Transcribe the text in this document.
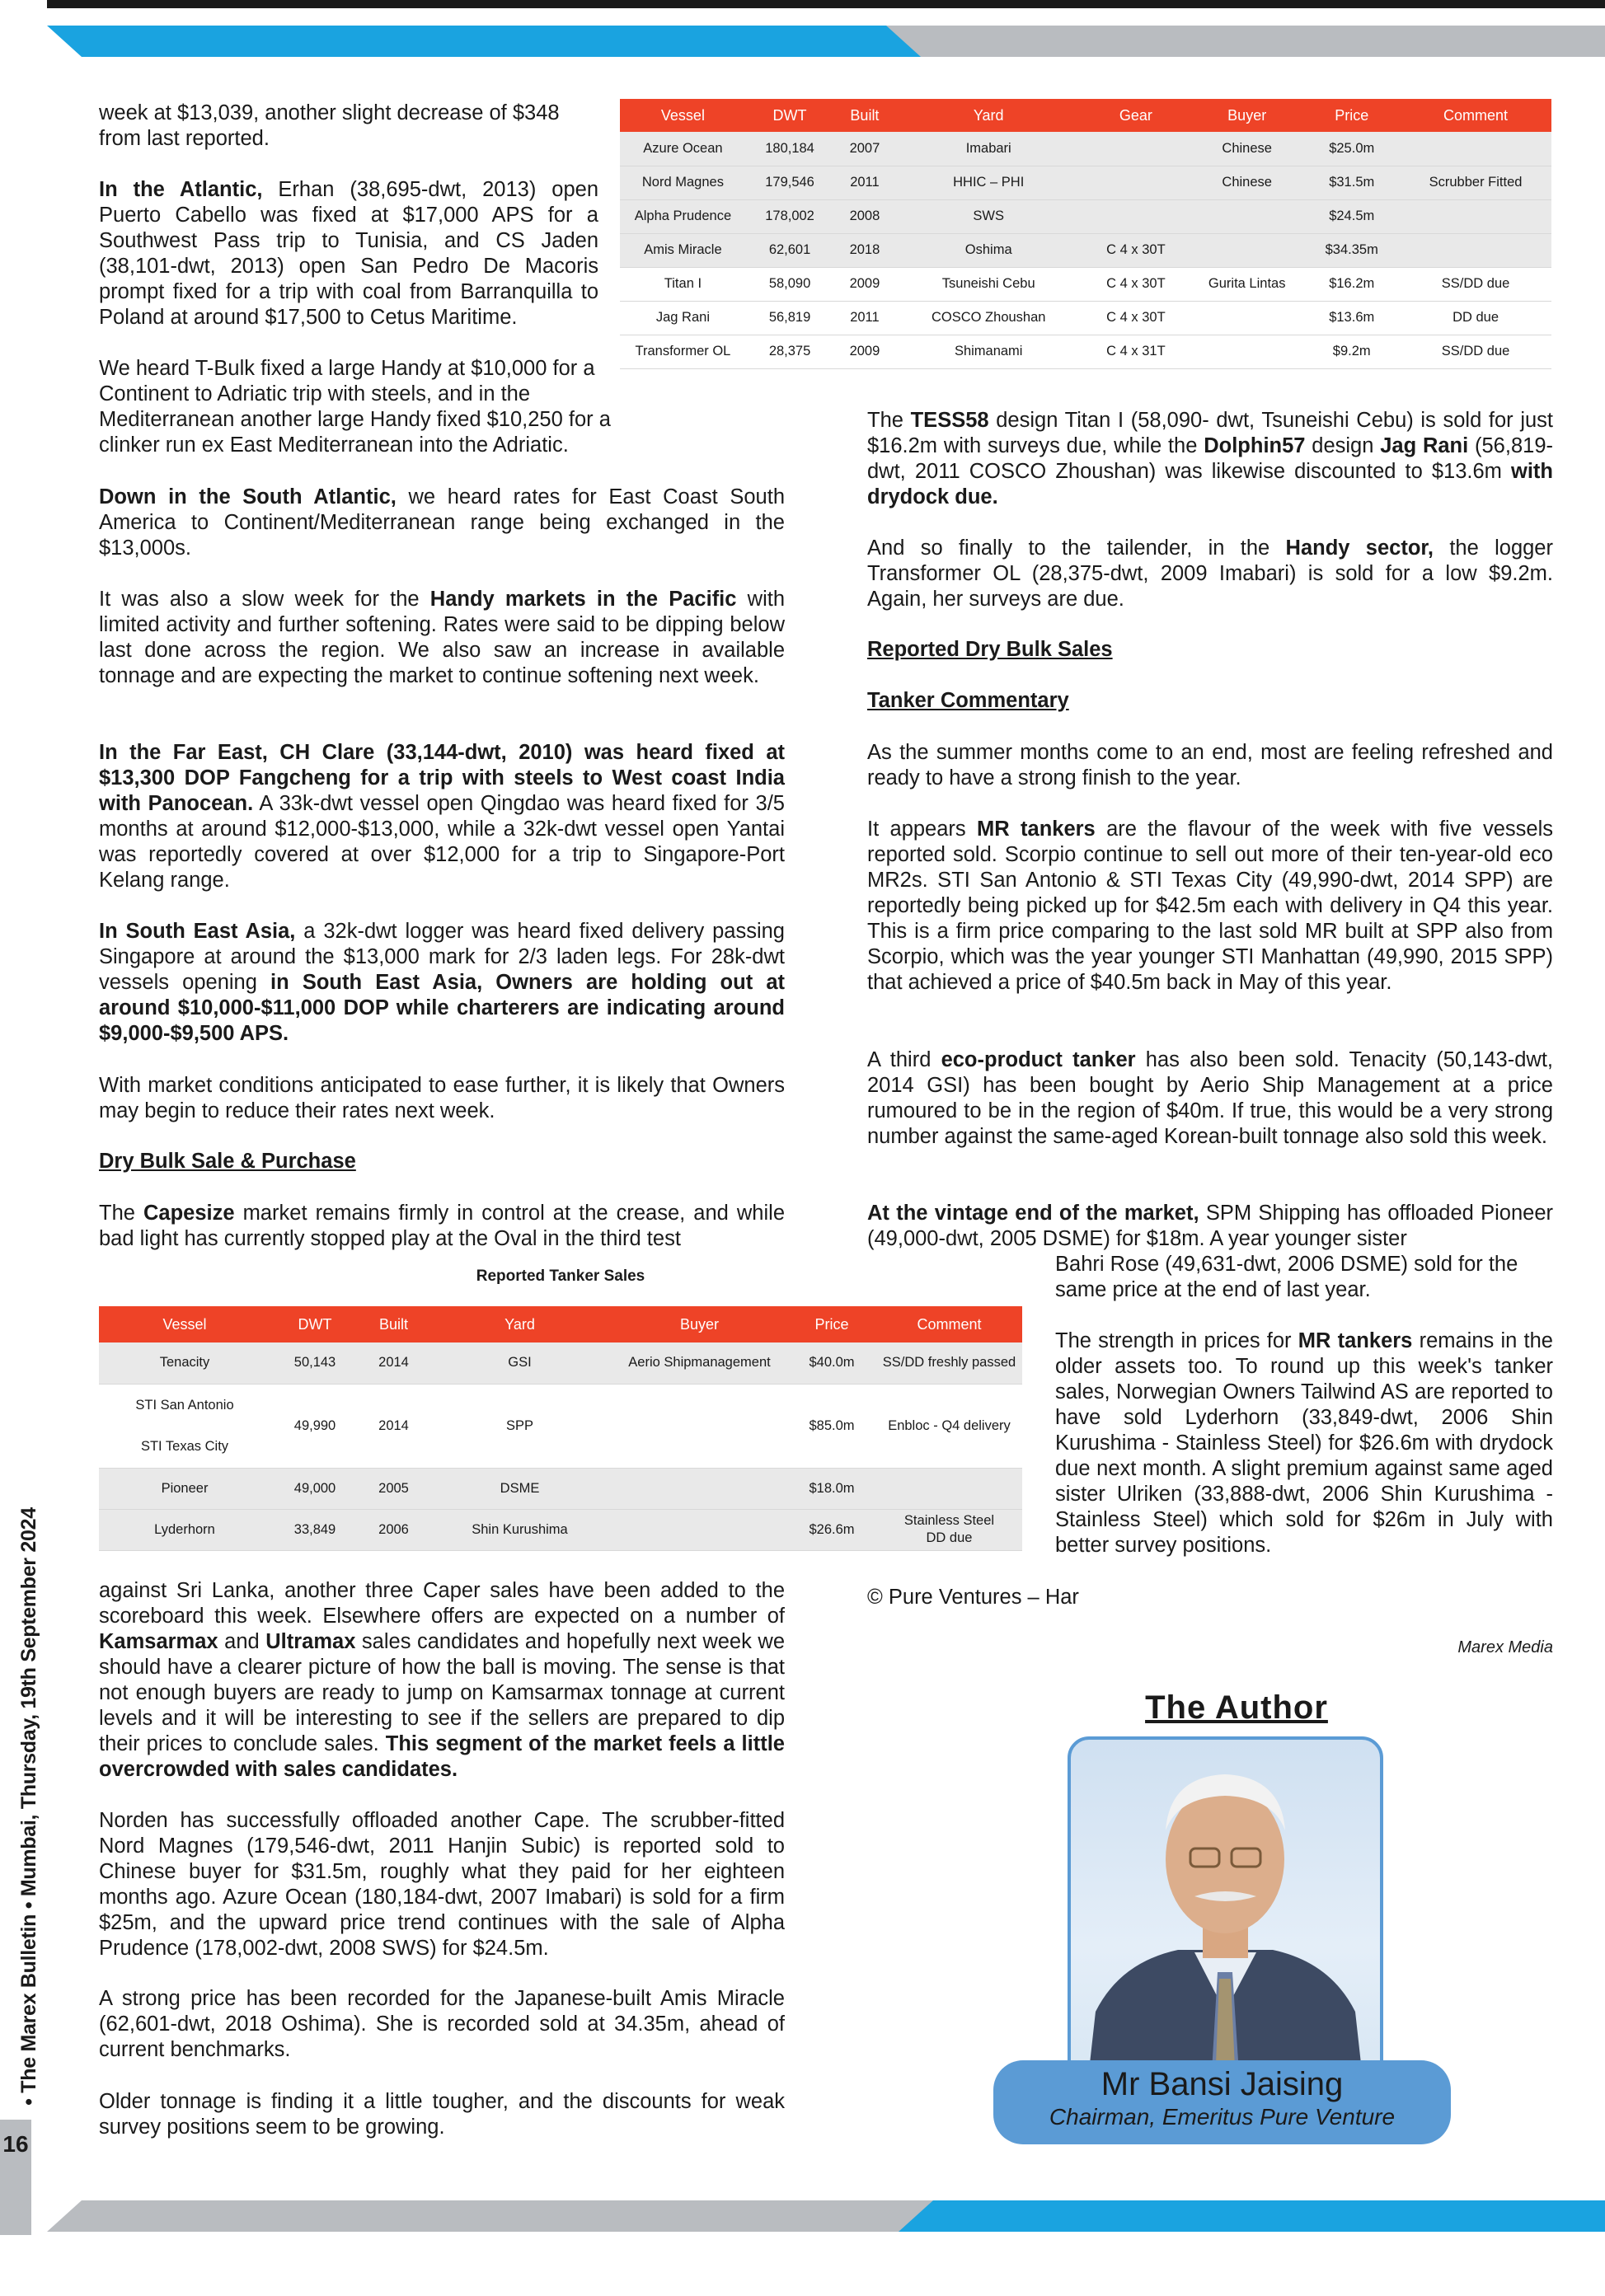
• The Marex Bulletin • Mumbai, Thursday, 19th September 2024
16
Vessel	DWT	Built	Yard	Gear	Buyer	Price	Comment
Azure Ocean	180,184	2007	Imabari		Chinese	$25.0m	
Nord Magnes	179,546	2011	HHIC – PHI		Chinese	$31.5m	Scrubber Fitted
Alpha Prudence	178,002	2008	SWS			$24.5m	
Amis Miracle	62,601	2018	Oshima	C 4 x 30T		$34.35m	
Titan I	58,090	2009	Tsuneishi Cebu	C 4 x 30T	Gurita Lintas	$16.2m	SS/DD due
Jag Rani	56,819	2011	COSCO Zhoushan	C 4 x 30T		$13.6m	DD due
Transformer OL	28,375	2009	Shimanami	C 4 x 31T		$9.2m	SS/DD due

week at $13,039, another slight decrease of $348 from last reported.

In the Atlantic, Erhan (38,695-dwt, 2013) open Puerto Cabello was fixed at $17,000 APS for a Southwest Pass trip to Tunisia, and CS Jaden (38,101-dwt, 2013) open San Pedro De Macoris prompt fixed for a trip with coal from Barranquilla to Poland at around $17,500 to Cetus Maritime.

We heard T-Bulk fixed a large Handy at $10,000 for a Continent to Adriatic trip with steels, and in the Mediterranean another large Handy fixed $10,250 for a clinker run ex East Mediterranean into the Adriatic.

Down in the South Atlantic, we heard rates for East Coast South America to Continent/Mediterranean range being exchanged in the $13,000s.

It was also a slow week for the Handy markets in the Pacific with limited activity and further softening. Rates were said to be dipping below last done across the region. We also saw an increase in available tonnage and are expecting the market to continue softening next week.

In the Far East, CH Clare (33,144-dwt, 2010) was heard fixed at $13,300 DOP Fangcheng for a trip with steels to West coast India with Panocean. A 33k-dwt vessel open Qingdao was heard fixed for 3/5 months at around $12,000-$13,000, while a 32k-dwt vessel open Yantai was reportedly covered at over $12,000 for a trip to Singapore-Port Kelang range.

In South East Asia, a 32k-dwt logger was heard fixed delivery passing Singapore at around the $13,000 mark for 2/3 laden legs. For 28k-dwt vessels opening in South East Asia, Owners are holding out at around $10,000-$11,000 DOP while charterers are indicating around $9,000-$9,500 APS.

With market conditions anticipated to ease further, it is likely that Owners may begin to reduce their rates next week.

Dry Bulk Sale & Purchase

The Capesize market remains firmly in control at the crease, and while bad light has currently stopped play at the Oval in the third test

Reported Tanker Sales

Vessel	DWT	Built	Yard	Buyer	Price	Comment
Tenacity	50,143	2014	GSI	Aerio Shipmanagement	$40.0m	SS/DD freshly passed

STI San Antonio
STI Texas City	49,990	2014	SPP		$85.0m	Enbloc - Q4 delivery
Pioneer	49,000	2005	DSME		$18.0m	
Lyderhorn	33,849	2006	Shin Kurushima		$26.6m	Stainless Steel
DD due

against Sri Lanka, another three Caper sales have been added to the scoreboard this week. Elsewhere offers are expected on a number of Kamsarmax and Ultramax sales candidates and hopefully next week we should have a clearer picture of how the ball is moving. The sense is that not enough buyers are ready to jump on Kamsarmax tonnage at current levels and it will be interesting to see if the sellers are prepared to dip their prices to conclude sales. This segment of the market feels a little overcrowded with sales candidates.

Norden has successfully offloaded another Cape. The scrubber-fitted Nord Magnes (179,546-dwt, 2011 Hanjin Subic) is reported sold to Chinese buyer for $31.5m, roughly what they paid for her eighteen months ago. Azure Ocean (180,184-dwt, 2007 Imabari) is sold for a firm $25m, and the upward price trend continues with the sale of Alpha Prudence (178,002-dwt, 2008 SWS) for $24.5m.

A strong price has been recorded for the Japanese-built Amis Miracle (62,601-dwt, 2018 Oshima). She is recorded sold at 34.35m, ahead of current benchmarks.

Older tonnage is finding it a little tougher, and the discounts for weak survey positions seem to be growing.

The TESS58 design Titan I (58,090- dwt, Tsuneishi Cebu) is sold for just $16.2m with surveys due, while the Dolphin57 design Jag Rani (56,819-dwt, 2011 COSCO Zhoushan) was likewise discounted to $13.6m with drydock due.

And so finally to the tailender, in the Handy sector, the logger Transformer OL (28,375-dwt, 2009 Imabari) is sold for a low $9.2m. Again, her surveys are due.

Reported Dry Bulk Sales

Tanker Commentary

As the summer months come to an end, most are feeling refreshed and ready to have a strong finish to the year.

It appears MR tankers are the flavour of the week with five vessels reported sold. Scorpio continue to sell out more of their ten-year-old eco MR2s. STI San Antonio & STI Texas City (49,990-dwt, 2014 SPP) are reportedly being picked up for $42.5m each with delivery in Q4 this year. This is a firm price comparing to the last sold MR built at SPP also from Scorpio, which was the year younger STI Manhattan (49,990, 2015 SPP) that achieved a price of $40.5m back in May of this year.

A third eco-product tanker has also been sold. Tenacity (50,143-dwt, 2014 GSI) has been bought by Aerio Ship Management at a price rumoured to be in the region of $40m. If true, this would be a very strong number against the same-aged Korean-built tonnage also sold this week.

At the vintage end of the market, SPM Shipping has offloaded Pioneer (49,000-dwt, 2005 DSME) for $18m. A year younger sister

Bahri Rose (49,631-dwt, 2006 DSME) sold for the same price at the end of last year.

The strength in prices for MR tankers remains in the older assets too. To round up this week's tanker sales, Norwegian Owners Tailwind AS are reported to have sold Lyderhorn (33,849-dwt, 2006 Shin Kurushima - Stainless Steel) for $26.6m with drydock due next month. A slight premium against same aged sister Ulriken (33,888-dwt, 2006 Shin Kurushima - Stainless Steel) which sold for $26m in July with better survey positions.

© Pure Ventures – Har

Marex Media

The Author

Mr Bansi Jaising
Chairman, Emeritus Pure Venture
